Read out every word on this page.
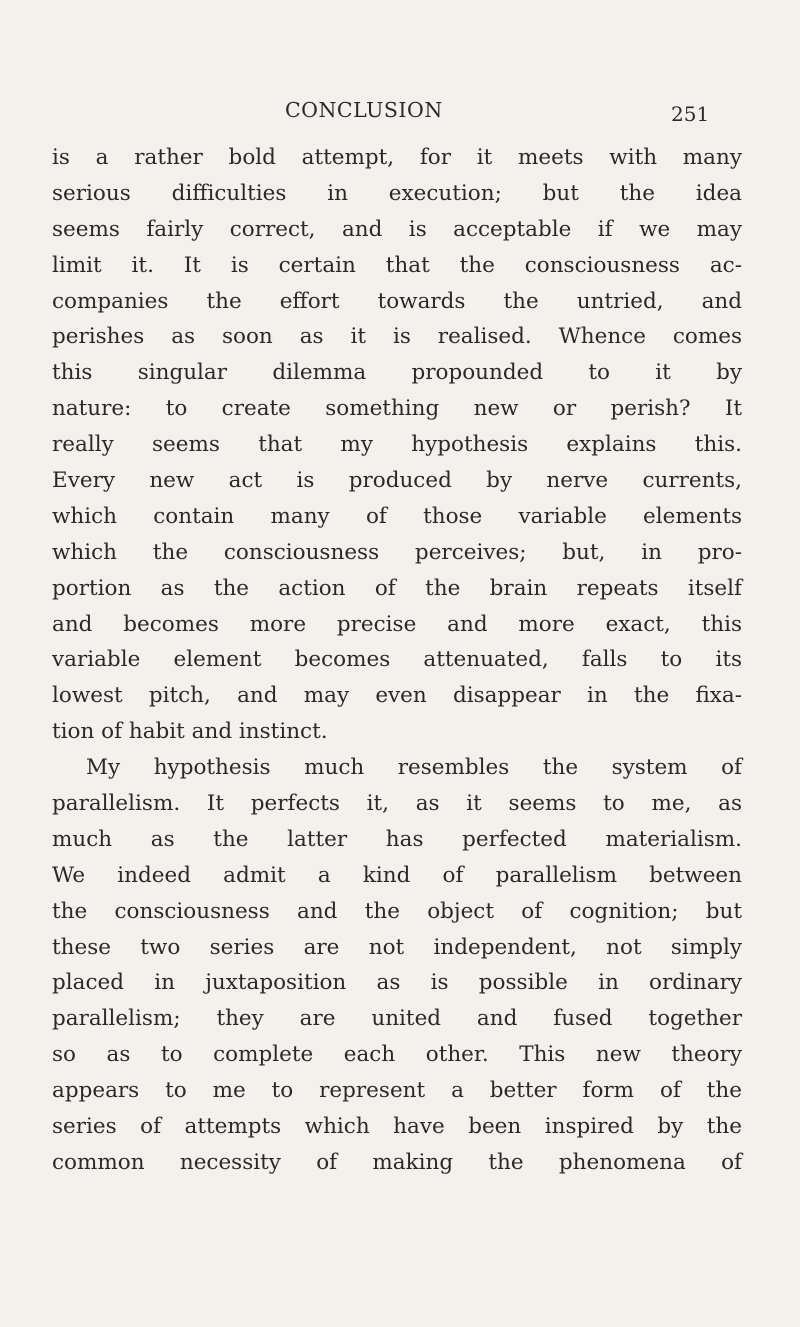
CONCLUSION	251
is a rather bold attempt, for it meets with many
serious difficulties in execution; but the idea
seems fairly correct, and is acceptable if we may
limit it. It is certain that the consciousness ac-
companies the effort towards the untried, and
perishes as soon as it is realised. Whence comes
this singular dilemma propounded to it by
nature: to create something new or perish? It
really seems that my hypothesis explains this.
Every new act is produced by nerve currents,
which contain many of those variable elements
which the consciousness perceives; but, in pro-
portion as the action of the brain repeats itself
and becomes more precise and more exact, this
variable element becomes attenuated, falls to its
lowest pitch, and may even disappear in the fixa-
tion of habit and instinct.
My hypothesis much resembles the system of
parallelism. It perfects it, as it seems to me, as
much as the latter has perfected materialism.
We indeed admit a kind of parallelism between
the consciousness and the object of cognition; but
these two series are not independent, not simply
placed in juxtaposition as is possible in ordinary
parallelism; they are united and fused together
so as to complete each other. This new theory
appears to me to represent a better form of the
series of attempts which have been inspired by the
common necessity of making the phenomena of
